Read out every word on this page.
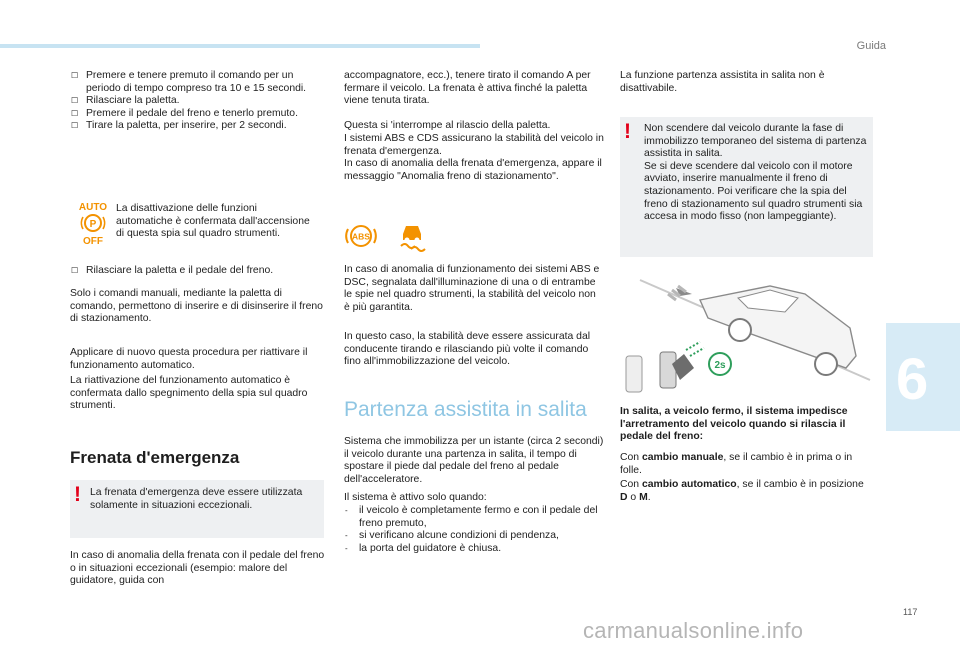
Guida
6
117
carmanualsonline.info
☐ Premere e tenere premuto il comando per un periodo di tempo compreso tra 10 e 15 secondi.
☐ Rilasciare la paletta.
☐ Premere il pedale del freno e tenerlo premuto.
☐ Tirare la paletta, per inserire, per 2 secondi.
AUTO
P
OFF

La disattivazione delle funzioni automatiche è confermata dall'accensione di questa spia sul quadro strumenti.

☐ Rilasciare la paletta e il pedale del freno.

Solo i comandi manuali, mediante la paletta di comando, permettono di inserire e di disinserire il freno di stazionamento.

Applicare di nuovo questa procedura per riattivare il funzionamento automatico.

La riattivazione del funzionamento automatico è confermata dallo spegnimento della spia sul quadro strumenti.

Frenata d'emergenza
! La frenata d'emergenza deve essere utilizzata solamente in situazioni eccezionali.

In caso di anomalia della frenata con il pedale del freno o in situazioni eccezionali (esempio: malore del guidatore, guida con

accompagnatore, ecc.), tenere tirato il comando A per fermare il veicolo. La frenata è attiva finché la paletta viene tenuta tirata.

Questa si 'interrompe al rilascio della paletta.

I sistemi ABS e CDS assicurano la stabilità del veicolo in frenata d'emergenza.

In caso di anomalia della frenata d'emergenza, appare il messaggio "Anomalia freno di stazionamento".

ABS

In caso di anomalia di funzionamento dei sistemi ABS e DSC, segnalata dall'illuminazione di una o di entrambe le spie nel quadro strumenti, la stabilità del veicolo non è più garantita.

In questo caso, la stabilità deve essere assicurata dal conducente tirando e rilasciando più volte il comando fino all'immobilizzazione del veicolo.

Partenza assistita in salita

Sistema che immobilizza per un istante (circa 2 secondi) il veicolo durante una partenza in salita, il tempo di spostare il piede dal pedale del freno al pedale dell'acceleratore.

Il sistema è attivo solo quando:

- il veicolo è completamente fermo e con il pedale del freno premuto,
- si verificano alcune condizioni di pendenza,
- la porta del guidatore è chiusa.

La funzione partenza assistita in salita non è disattivabile.

!	Non scendere dal veicolo durante la fase di immobilizzo temporaneo del sistema di partenza assistita in salita.

Se si deve scendere dal veicolo con il motore avviato, inserire manualmente il freno di stazionamento. Poi verificare che la spia del freno di stazionamento sul quadro strumenti sia accesa in modo fisso (non lampeggiante).

2s

In salita, a veicolo fermo, il sistema impedisce l'arretramento del veicolo quando si rilascia il pedale del freno:

Con cambio manuale, se il cambio è in prima o in folle.

Con cambio automatico, se il cambio è in posizione D o M.
